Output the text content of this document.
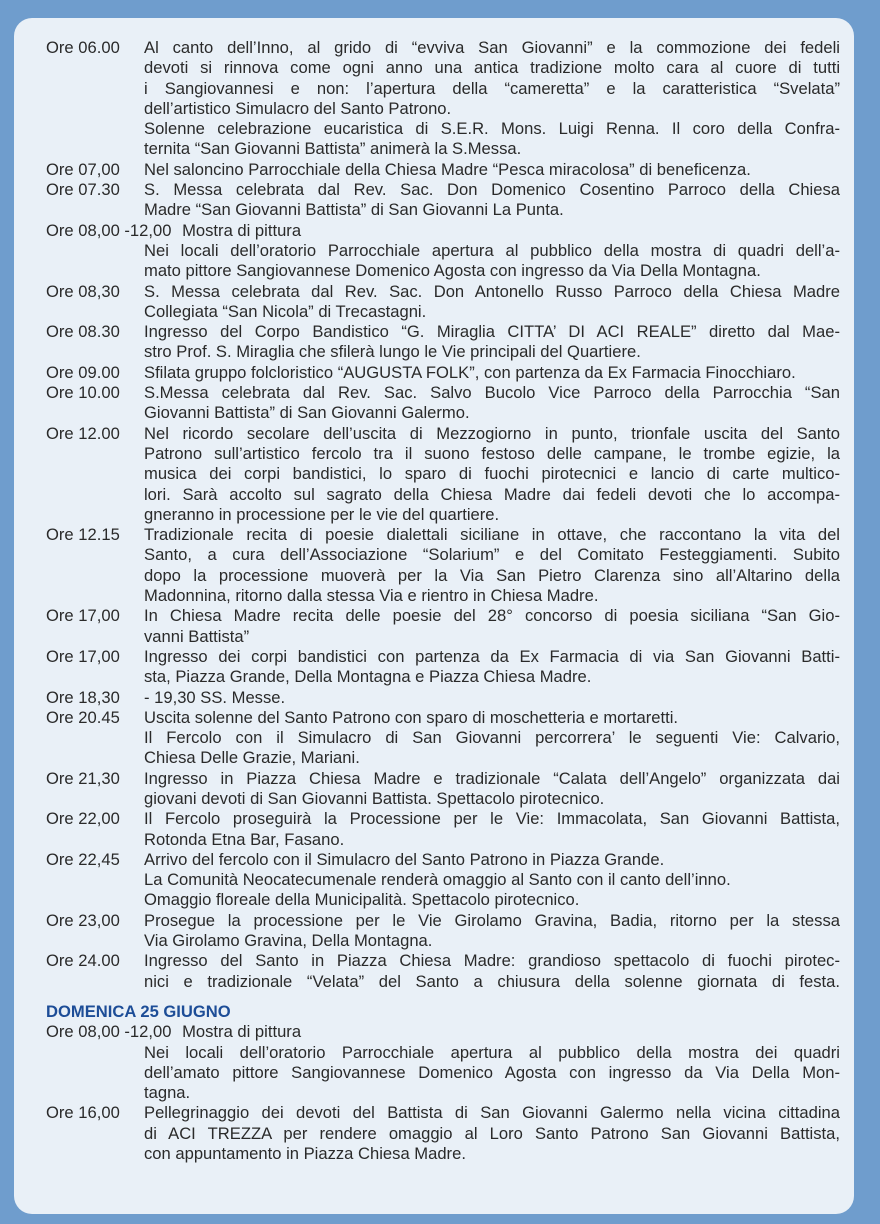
Ore 06.00	Al canto dell’Inno, al grido di “evviva San Giovanni” e la commozione dei fedeli
devoti si rinnova come ogni anno una antica tradizione molto cara al cuore di tutti
i Sangiovannesi e non: l’apertura della “cameretta” e la caratteristica “Svelata”
dell’artistico Simulacro del Santo Patrono.
Solenne celebrazione eucaristica di S.E.R. Mons. Luigi Renna. Il coro della Confra-
ternita “San Giovanni Battista” animerà la S.Messa.
Ore 07,00	Nel saloncino Parrocchiale della Chiesa Madre “Pesca miracolosa” di beneficenza.
Ore 07.30	S. Messa celebrata dal Rev. Sac. Don Domenico Cosentino Parroco della Chiesa
Madre “San Giovanni Battista” di San Giovanni La Punta.
Ore 08,00 -12,00 Mostra di pittura
Nei locali dell’oratorio Parrocchiale apertura al pubblico della mostra di quadri dell’a-
mato pittore Sangiovannese Domenico Agosta con ingresso da Via Della Montagna.
Ore 08,30	S. Messa celebrata dal Rev. Sac. Don Antonello Russo Parroco della Chiesa Madre
Collegiata “San Nicola” di Trecastagni.
Ore 08.30	Ingresso del Corpo Bandistico “G. Miraglia CITTA’ DI ACI REALE” diretto dal Mae-
stro Prof. S. Miraglia che sfilerà lungo le Vie principali del Quartiere.
Ore 09.00	Sfilata gruppo folcloristico “AUGUSTA FOLK”, con partenza da Ex Farmacia Finocchiaro.
Ore 10.00	S.Messa celebrata dal Rev. Sac. Salvo Bucolo Vice Parroco della Parrocchia “San
Giovanni Battista” di San Giovanni Galermo.
Ore 12.00	Nel ricordo secolare dell’uscita di Mezzogiorno in punto, trionfale uscita del Santo
Patrono sull’artistico fercolo tra il suono festoso delle campane, le trombe egizie, la
musica dei corpi bandistici, lo sparo di fuochi pirotecnici e lancio di carte multico-
lori. Sarà accolto sul sagrato della Chiesa Madre dai fedeli devoti che lo accompa-
gneranno in processione per le vie del quartiere.
Ore 12.15	Tradizionale recita di poesie dialettali siciliane in ottave, che raccontano la vita del
Santo, a cura dell’Associazione “Solarium” e del Comitato Festeggiamenti. Subito
dopo la processione muoverà per la Via San Pietro Clarenza sino all’Altarino della
Madonnina, ritorno dalla stessa Via e rientro in Chiesa Madre.
Ore 17,00	In Chiesa Madre recita delle poesie del 28° concorso di poesia siciliana “San Gio-
vanni Battista”
Ore 17,00	Ingresso dei corpi bandistici con partenza da Ex Farmacia di via San Giovanni Batti-
sta, Piazza Grande, Della Montagna e Piazza Chiesa Madre.
Ore 18,30	- 19,30 SS. Messe.
Ore 20.45	Uscita solenne del Santo Patrono con sparo di moschetteria e mortaretti.
Il Fercolo con il Simulacro di San Giovanni percorrera’ le seguenti Vie: Calvario,
Chiesa Delle Grazie, Mariani.
Ore 21,30	Ingresso in Piazza Chiesa Madre e tradizionale “Calata dell’Angelo” organizzata dai
giovani devoti di San Giovanni Battista. Spettacolo pirotecnico.
Ore 22,00	Il Fercolo proseguirà la Processione per le Vie: Immacolata, San Giovanni Battista,
Rotonda Etna Bar, Fasano.
Ore 22,45	Arrivo del fercolo con il Simulacro del Santo Patrono in Piazza Grande.
La Comunità Neocatecumenale renderà omaggio al Santo con il canto dell’inno.
Omaggio floreale della Municipalità. Spettacolo pirotecnico.
Ore 23,00	Prosegue la processione per le Vie Girolamo Gravina, Badia, ritorno per la stessa
Via Girolamo Gravina, Della Montagna.
Ore 24.00	Ingresso del Santo in Piazza Chiesa Madre: grandioso spettacolo di fuochi pirotec-
nici e tradizionale “Velata” del Santo a chiusura della solenne giornata di festa.
DOMENICA 25 GIUGNO
Ore 08,00 -12,00 Mostra di pittura
Nei locali dell’oratorio Parrocchiale apertura al pubblico della mostra dei quadri
dell’amato pittore Sangiovannese Domenico Agosta con ingresso da Via Della Mon-
tagna.
Ore 16,00	Pellegrinaggio dei devoti del Battista di San Giovanni Galermo nella vicina cittadina
di ACI TREZZA per rendere omaggio al Loro Santo Patrono San Giovanni Battista,
con appuntamento in Piazza Chiesa Madre.
